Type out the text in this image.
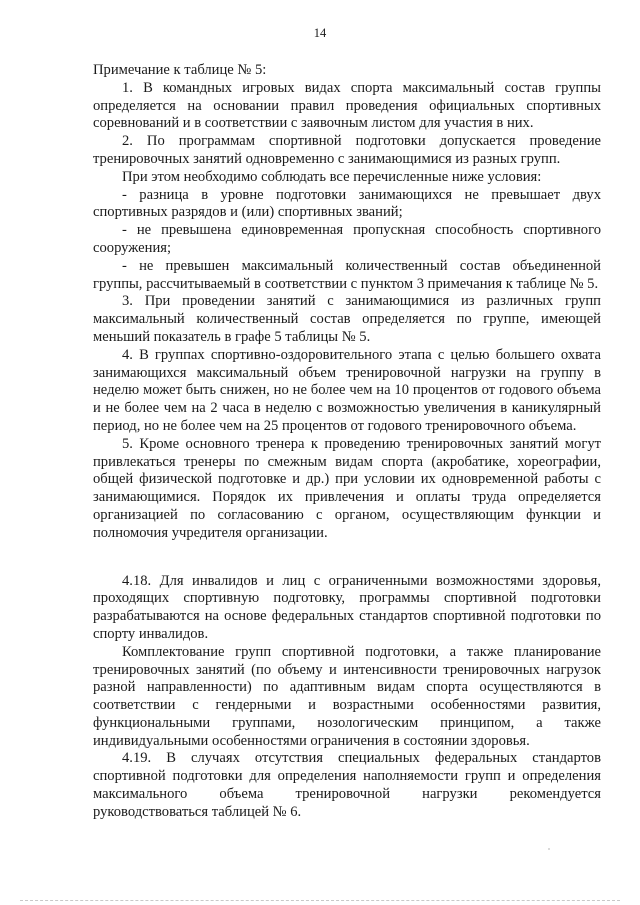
14

Примечание к таблице № 5:

1. В командных игровых видах спорта максимальный состав группы определяется на основании правил проведения официальных спортивных соревнований и в соответствии с заявочным листом для участия в них.

2. По программам спортивной подготовки допускается проведение тренировочных занятий одновременно с занимающимися из разных групп.

При этом необходимо соблюдать все перечисленные ниже условия:

- разница в уровне подготовки занимающихся не превышает двух спортивных разрядов и (или) спортивных званий;

- не превышена единовременная пропускная способность спортивного сооружения;

- не превышен максимальный количественный состав объединенной группы, рассчитываемый в соответствии с пунктом 3 примечания к таблице № 5.

3. При проведении занятий с занимающимися из различных групп максимальный количественный состав определяется по группе, имеющей меньший показатель в графе 5 таблицы № 5.

4. В группах спортивно-оздоровительного этапа с целью большего охвата занимающихся максимальный объем тренировочной нагрузки на группу в неделю может быть снижен, но не более чем на 10 процентов от годового объема и не более чем на 2 часа в неделю с возможностью увеличения в каникулярный период, но не более чем на 25 процентов от годового тренировочного объема.

5. Кроме основного тренера к проведению тренировочных занятий могут привлекаться тренеры по смежным видам спорта (акробатике, хореографии, общей физической подготовке и др.) при условии их одновременной работы с занимающимися. Порядок их привлечения и оплаты труда определяется организацией по согласованию с органом, осуществляющим функции и полномочия учредителя организации.

4.18. Для инвалидов и лиц с ограниченными возможностями здоровья, проходящих спортивную подготовку, программы спортивной подготовки разрабатываются на основе федеральных стандартов спортивной подготовки по спорту инвалидов.

Комплектование групп спортивной подготовки, а также планирование тренировочных занятий (по объему и интенсивности тренировочных нагрузок разной направленности) по адаптивным видам спорта осуществляются в соответствии с гендерными и возрастными особенностями развития, функциональными группами, нозологическим принципом, а также индивидуальными особенностями ограничения в состоянии здоровья.

4.19. В случаях отсутствия специальных федеральных стандартов спортивной подготовки для определения наполняемости групп и определения максимального объема тренировочной нагрузки рекомендуется руководствоваться таблицей № 6.
